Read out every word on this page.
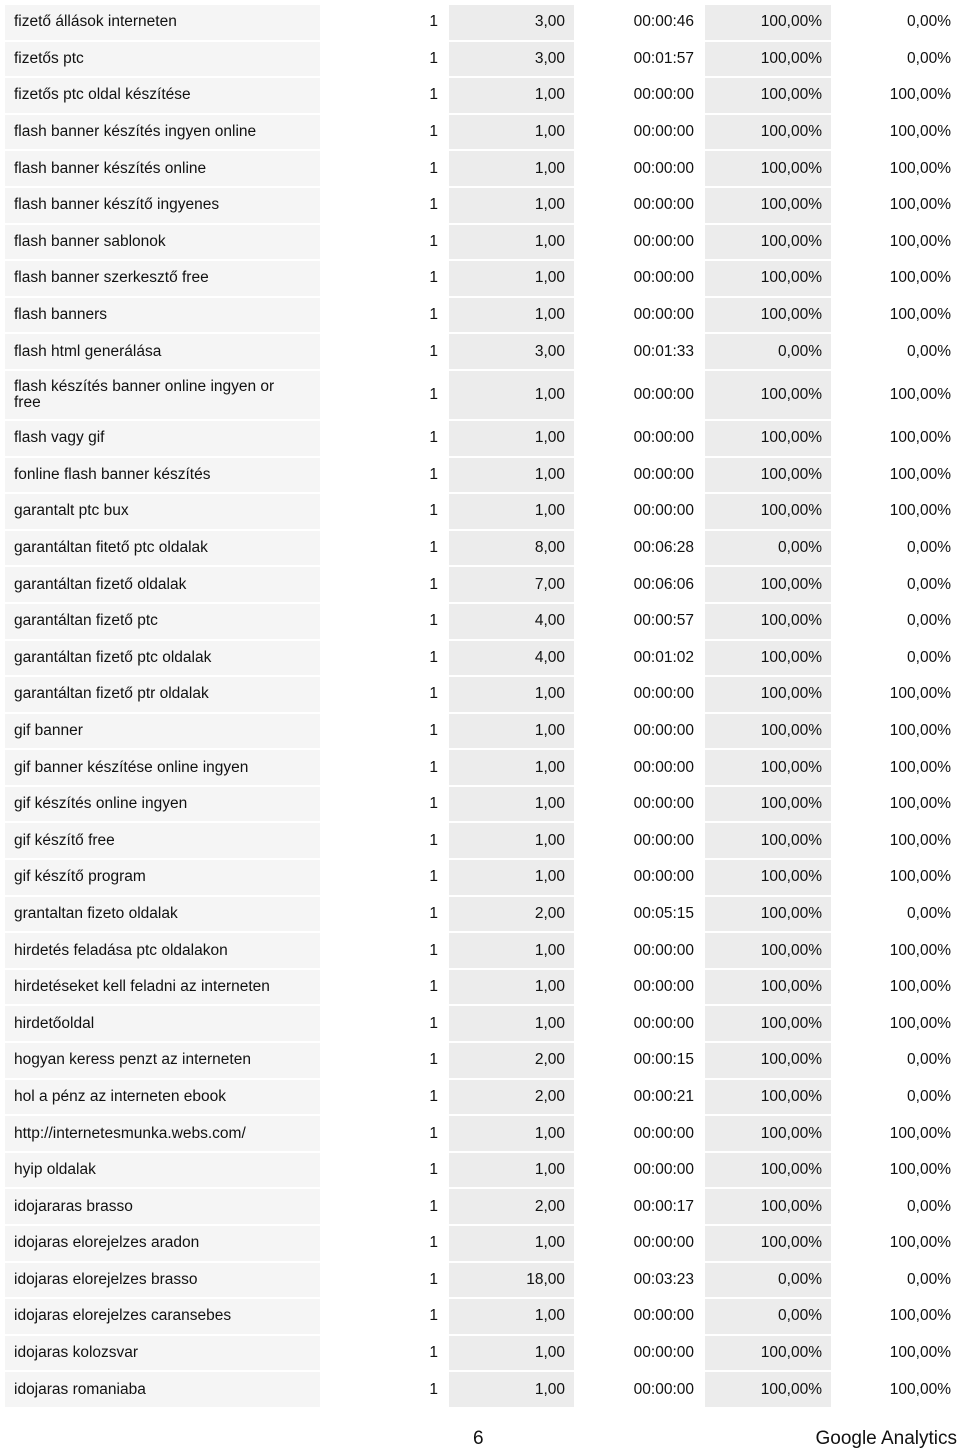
fizető állások interneten	1	3,00	00:00:46	100,00%	0,00%

fizetős ptc	1	3,00	00:01:57	100,00%	0,00%

fizetős ptc oldal készítése	1	1,00	00:00:00	100,00%	100,00%

flash banner készítés ingyen online	1	1,00	00:00:00	100,00%	100,00%

flash banner készítés online	1	1,00	00:00:00	100,00%	100,00%

flash banner készítő ingyenes	1	1,00	00:00:00	100,00%	100,00%

flash banner sablonok	1	1,00	00:00:00	100,00%	100,00%

flash banner szerkesztő free	1	1,00	00:00:00	100,00%	100,00%

flash banners	1	1,00	00:00:00	100,00%	100,00%

flash html generálása	1	3,00	00:01:33	0,00%	0,00%

flash készítés banner online ingyen or free	1	1,00	00:00:00	100,00%	100,00%

flash vagy gif	1	1,00	00:00:00	100,00%	100,00%

fonline flash banner készítés	1	1,00	00:00:00	100,00%	100,00%

garantalt ptc bux	1	1,00	00:00:00	100,00%	100,00%

garantáltan fitető ptc oldalak	1	8,00	00:06:28	0,00%	0,00%

garantáltan fizető oldalak	1	7,00	00:06:06	100,00%	0,00%

garantáltan fizető ptc	1	4,00	00:00:57	100,00%	0,00%

garantáltan fizető ptc oldalak	1	4,00	00:01:02	100,00%	0,00%

garantáltan fizető ptr oldalak	1	1,00	00:00:00	100,00%	100,00%

gif banner	1	1,00	00:00:00	100,00%	100,00%

gif banner készítése online ingyen	1	1,00	00:00:00	100,00%	100,00%

gif készítés online ingyen	1	1,00	00:00:00	100,00%	100,00%

gif készítő free	1	1,00	00:00:00	100,00%	100,00%

gif készítő program	1	1,00	00:00:00	100,00%	100,00%

grantaltan fizeto oldalak	1	2,00	00:05:15	100,00%	0,00%

hirdetés feladása ptc oldalakon	1	1,00	00:00:00	100,00%	100,00%

hirdetéseket kell feladni az interneten	1	1,00	00:00:00	100,00%	100,00%

hirdetőoldal	1	1,00	00:00:00	100,00%	100,00%

hogyan keress penzt az interneten	1	2,00	00:00:15	100,00%	0,00%

hol a pénz az interneten ebook	1	2,00	00:00:21	100,00%	0,00%

http://internetesmunka.webs.com/	1	1,00	00:00:00	100,00%	100,00%

hyip oldalak	1	1,00	00:00:00	100,00%	100,00%

idojararas brasso	1	2,00	00:00:17	100,00%	0,00%

idojaras elorejelzes aradon	1	1,00	00:00:00	100,00%	100,00%

idojaras elorejelzes brasso	1	18,00	00:03:23	0,00%	0,00%

idojaras elorejelzes caransebes	1	1,00	00:00:00	0,00%	100,00%

idojaras kolozsvar	1	1,00	00:00:00	100,00%	100,00%

idojaras romaniaba	1	1,00	00:00:00	100,00%	100,00%
6	Google Analytics
